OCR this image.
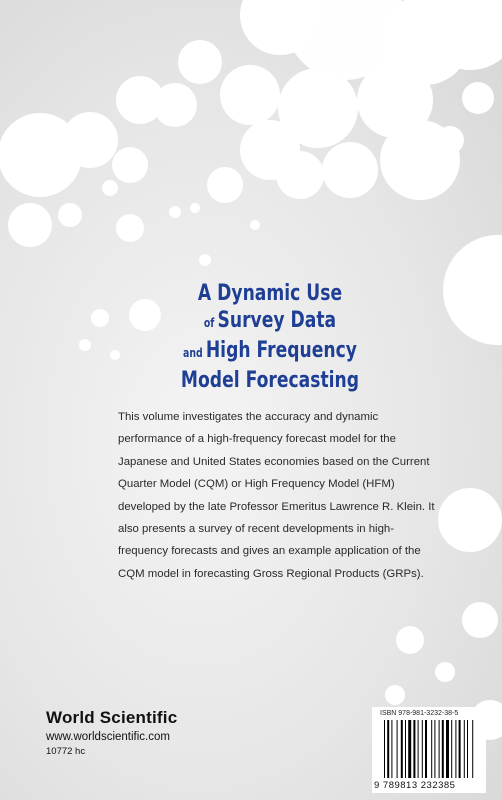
A Dynamic Use
of Survey Data
and High Frequency
Model Forecasting
This volume investigates the accuracy and dynamic performance of a high-frequency forecast model for the Japanese and United States economies based on the Current Quarter Model (CQM) or High Frequency Model (HFM) developed by the late Professor Emeritus Lawrence R. Klein. It also presents a survey of recent developments in high-frequency forecasts and gives an example application of the CQM model in forecasting Gross Regional Products (GRPs).
World Scientific
www.worldscientific.com
10772 hc
ISBN 978-981-3232-38-5
9 789813 232385
